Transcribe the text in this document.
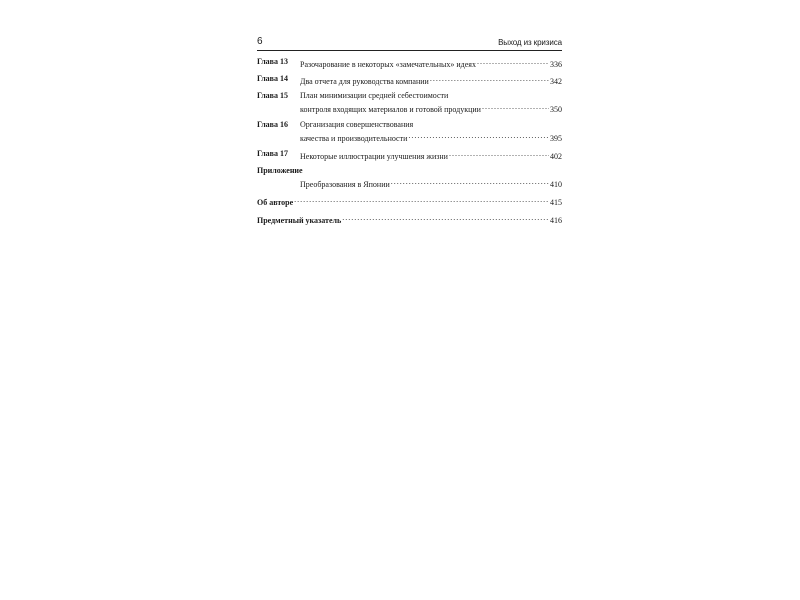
6	Выход из кризиса
Глава 13 Разочарование в некоторых «замечательных» идеях .....	336
Глава 14 Два отчета для руководства компании .....	342
Глава 15 План минимизации средней себестоимости
контроля входящих материалов и готовой продукции .....	350
Глава 16 Организация совершенствования
качества и производительности .....	395
Глава 17 Некоторые иллюстрации улучшения жизни .....	402
Приложение
Преобразования в Японии .....	410
Об авторе .....	415
Предметный указатель .....	416
